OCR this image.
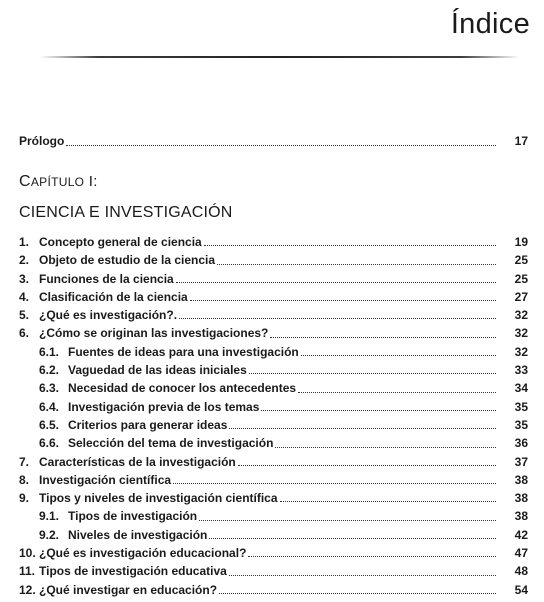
Índice
Prólogo	17
CAPÍTULO I:
CIENCIA E INVESTIGACIÓN
1. Concepto general de ciencia	19
2. Objeto de estudio de la ciencia	25
3. Funciones de la ciencia	25
4. Clasificación de la ciencia	27
5. ¿Qué es investigación?.	32
6. ¿Cómo se originan las investigaciones?	32
6.1. Fuentes de ideas para una investigación	32
6.2. Vaguedad de las ideas iniciales	33
6.3. Necesidad de conocer los antecedentes	34
6.4. Investigación previa de los temas	35
6.5. Criterios para generar ideas	35
6.6. Selección del tema de investigación	36
7. Características de la investigación	37
8. Investigación científica	38
9. Tipos y niveles de investigación científica	38
9.1. Tipos de investigación	38
9.2. Niveles de investigación	42
10. ¿Qué es investigación educacional?	47
11. Tipos de investigación educativa	48
12. ¿Qué investigar en educación?	54
